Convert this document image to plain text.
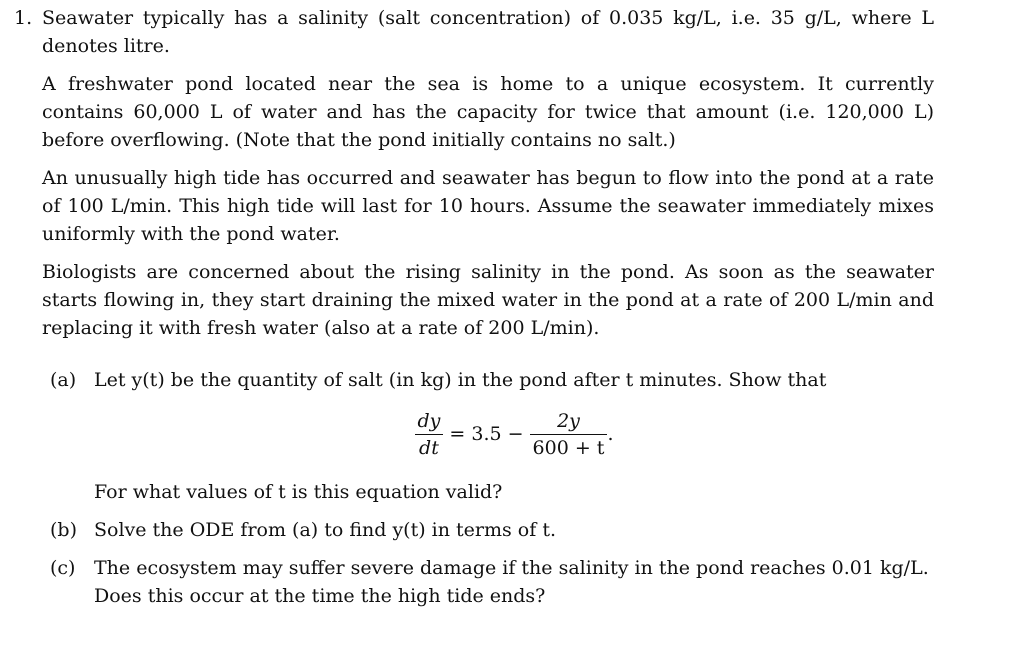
1. Seawater typically has a salinity (salt concentration) of 0.035 kg/L, i.e. 35 g/L, where L denotes litre.

A freshwater pond located near the sea is home to a unique ecosystem. It currently contains 60,000 L of water and has the capacity for twice that amount (i.e. 120,000 L) before overflowing. (Note that the pond initially contains no salt.)

An unusually high tide has occurred and seawater has begun to flow into the pond at a rate of 100 L/min. This high tide will last for 10 hours. Assume the seawater immediately mixes uniformly with the pond water.

Biologists are concerned about the rising salinity in the pond. As soon as the seawater starts flowing in, they start draining the mixed water in the pond at a rate of 200 L/min and replacing it with fresh water (also at a rate of 200 L/min).

(a) Let y(t) be the quantity of salt (in kg) in the pond after t minutes. Show that
$\frac{dy}{dt} = 3.5 - \frac{2y}{600 + t}$ .
For what values of t is this equation valid?
(b) Solve the ODE from (a) to find y(t) in terms of t.
(c) The ecosystem may suffer severe damage if the salinity in the pond reaches 0.01 kg/L. Does this occur at the time the high tide ends?
